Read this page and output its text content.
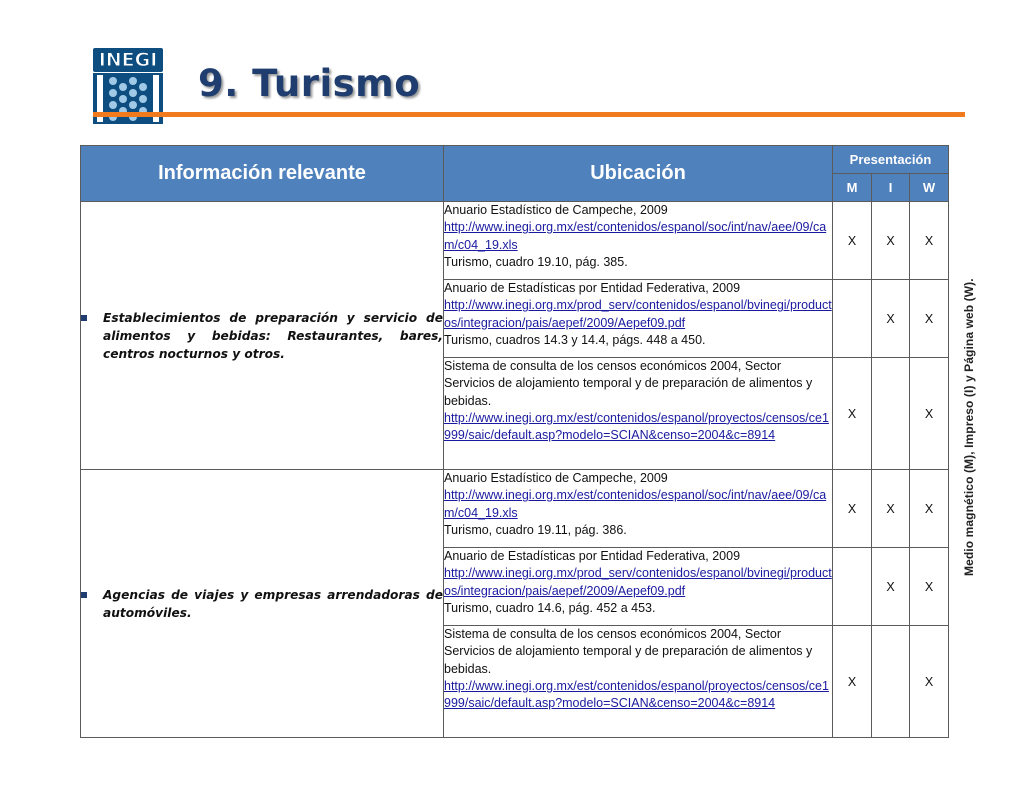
INEGI
9. Turismo
Información relevante	Ubicación	Presentación		
		M	I	W

Establecimientos de preparación y servicio de alimentos y bebidas: Restaurantes, bares, centros nocturnos y otros.	Anuario Estadístico de Campeche, 2009
http://www.inegi.org.mx/est/contenidos/espanol/soc/int/nav/aee/09/cam/c04_19.xls
Turismo, cuadro 19.10, pág. 385.	X	X	X

	Anuario de Estadísticas por Entidad Federativa, 2009
http://www.inegi.org.mx/prod_serv/contenidos/espanol/bvinegi/productos/integracion/pais/aepef/2009/Aepef09.pdf
Turismo, cuadros 14.3 y 14.4, págs. 448 a 450.		X	X

	Sistema de consulta de los censos económicos 2004, Sector Servicios de alojamiento temporal y de preparación de alimentos y bebidas.
http://www.inegi.org.mx/est/contenidos/espanol/proyectos/censos/ce1999/saic/default.asp?modelo=SCIAN&censo=2004&c=8914	X		X

Agencias de viajes y empresas arrendadoras de automóviles.	Anuario Estadístico de Campeche, 2009
http://www.inegi.org.mx/est/contenidos/espanol/soc/int/nav/aee/09/cam/c04_19.xls
Turismo, cuadro 19.11, pág. 386.	X	X	X

	Anuario de Estadísticas por Entidad Federativa, 2009
http://www.inegi.org.mx/prod_serv/contenidos/espanol/bvinegi/productos/integracion/pais/aepef/2009/Aepef09.pdf
Turismo, cuadro 14.6, pág. 452 a 453.		X	X

	Sistema de consulta de los censos económicos 2004, Sector Servicios de alojamiento temporal y de preparación de alimentos y bebidas.
http://www.inegi.org.mx/est/contenidos/espanol/proyectos/censos/ce1999/saic/default.asp?modelo=SCIAN&censo=2004&c=8914	X		X
Medio magnético (M), Impreso (I) y Página web (W).
